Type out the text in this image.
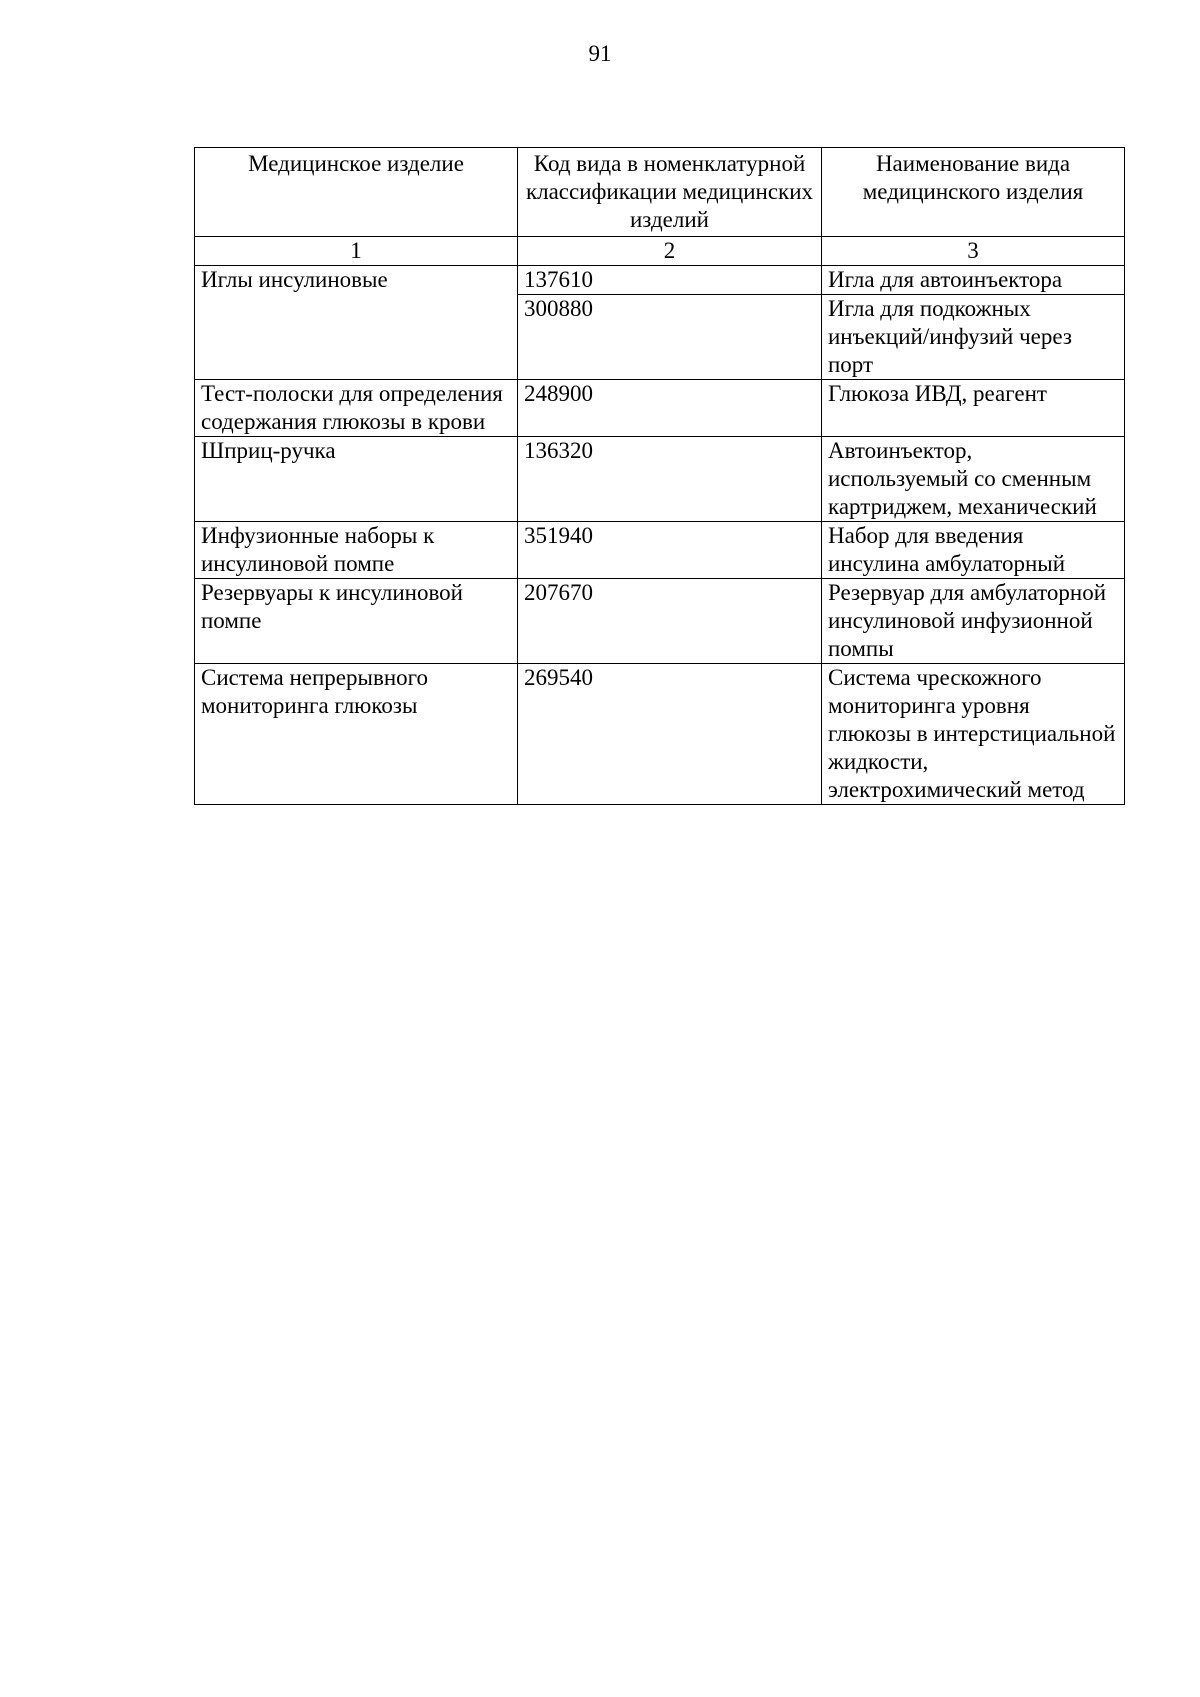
91
Медицинское изделие	Код вида в номенклатурной классификации медицинских изделий	Наименование вида медицинского изделия
1	2	3
Иглы инсулиновые	137610	Игла для автоинъектора
	300880	Игла для подкожных инъекций/инфузий через порт
Тест-полоски для определения содержания глюкозы в крови	248900	Глюкоза ИВД, реагент
Шприц-ручка	136320	Автоинъектор, используемый со сменным картриджем, механический
Инфузионные наборы к инсулиновой помпе	351940	Набор для введения инсулина амбулаторный
Резервуары к инсулиновой помпе	207670	Резервуар для амбулаторной инсулиновой инфузионной помпы
Система непрерывного мониторинга глюкозы	269540	Система чрескожного мониторинга уровня глюкозы в интерстициальной жидкости, электрохимический метод
